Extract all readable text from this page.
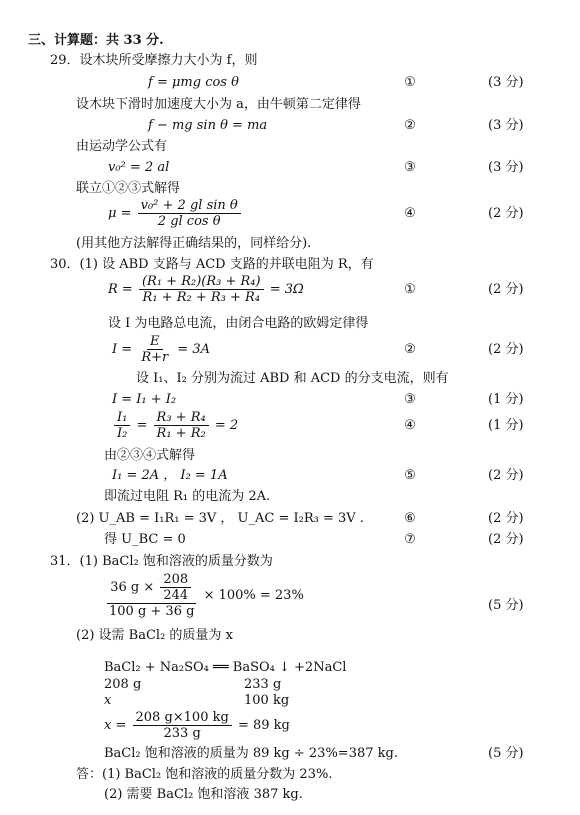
三、计算题：共 33 分.
29．设木块所受摩擦力大小为 f，则
f = μmg cos θ	①	(3 分)
设木块下滑时加速度大小为 a，由牛顿第二定律得
f − mg sin θ = ma	②	(3 分)
由运动学公式有
v₀² = 2 al	③	(3 分)
联立①②③式解得
$\mu = \frac{\text{v₀² + 2 gl sin θ}}{\text{2 gl cos θ}}$	④	(2 分)
(用其他方法解得正确结果的，同样给分).
30．(1) 设 ABD 支路与 ACD 支路的并联电阻为 R，有
$R = \frac{\text{(R₁ + R₂)(R₃ + R₄)}}{\text{R₁ + R₂ + R₃ + R₄}} = 3\Omega$	①	(2 分)
设 I 为电路总电流，由闭合电路的欧姆定律得
$I = \frac{E}{R+r} = 3A$	②	(2 分)
设 I₁、I₂ 分别为流过 ABD 和 ACD 的分支电流，则有
I = I₁ + I₂	③	(1 分)
$\frac{\text{I₁}}{\text{I₂}} = \frac{\text{R₃ + R₄}}{\text{R₁ + R₂}} = 2$	④	(1 分)
由②③④式解得
I₁ = 2A ， I₂ = 1A	⑤	(2 分)
即流过电阻 R₁ 的电流为 2A.
(2) U_AB = I₁R₁ = 3V ， U_AC = I₂R₃ = 3V .	⑥	(2 分)
得 U_BC = 0	⑦	(2 分)
31．(1) BaCl₂ 饱和溶液的质量分数为
$\frac{36 g \times \frac{208}{244}}{100 g + 36 g} \times 100\% = 23\%$
(5 分)
(2) 设需 BaCl₂ 的质量为 x
BaCl₂ + Na₂SO₄ ══ BaSO₄ ↓ +2NaCl
208 g	233 g
x	100 kg
$x = \frac{208 g\times 100 kg}{233 g} = 89$ kg
BaCl₂ 饱和溶液的质量为 89 kg ÷ 23%=387 kg.	(5 分)
答：(1) BaCl₂ 饱和溶液的质量分数为 23%.
(2) 需要 BaCl₂ 饱和溶液 387 kg.
